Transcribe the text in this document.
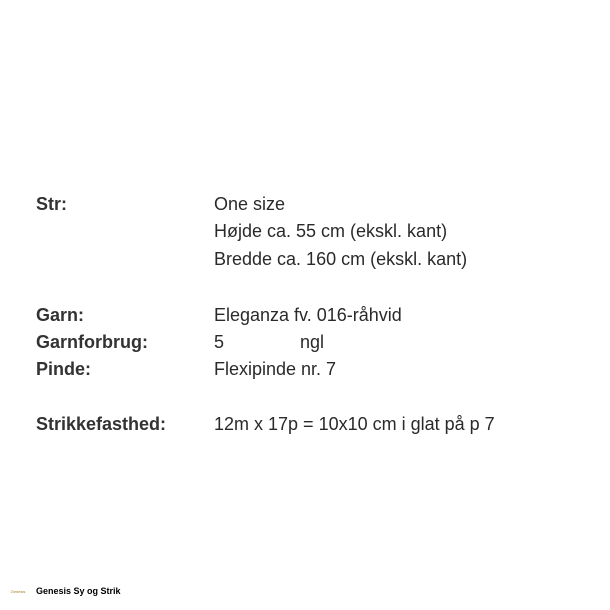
Str:	One size
Højde ca. 55 cm (ekskl. kant)
Bredde ca. 160 cm (ekskl. kant)
Garn:	Eleganza fv. 016-råhvid
Garnforbrug:	5	ngl
Pinde:	Flexipinde nr. 7
Strikkefasthed:	12m x 17p = 10x10 cm i glat på p 7
Genesis	Genesis Sy og Strik
